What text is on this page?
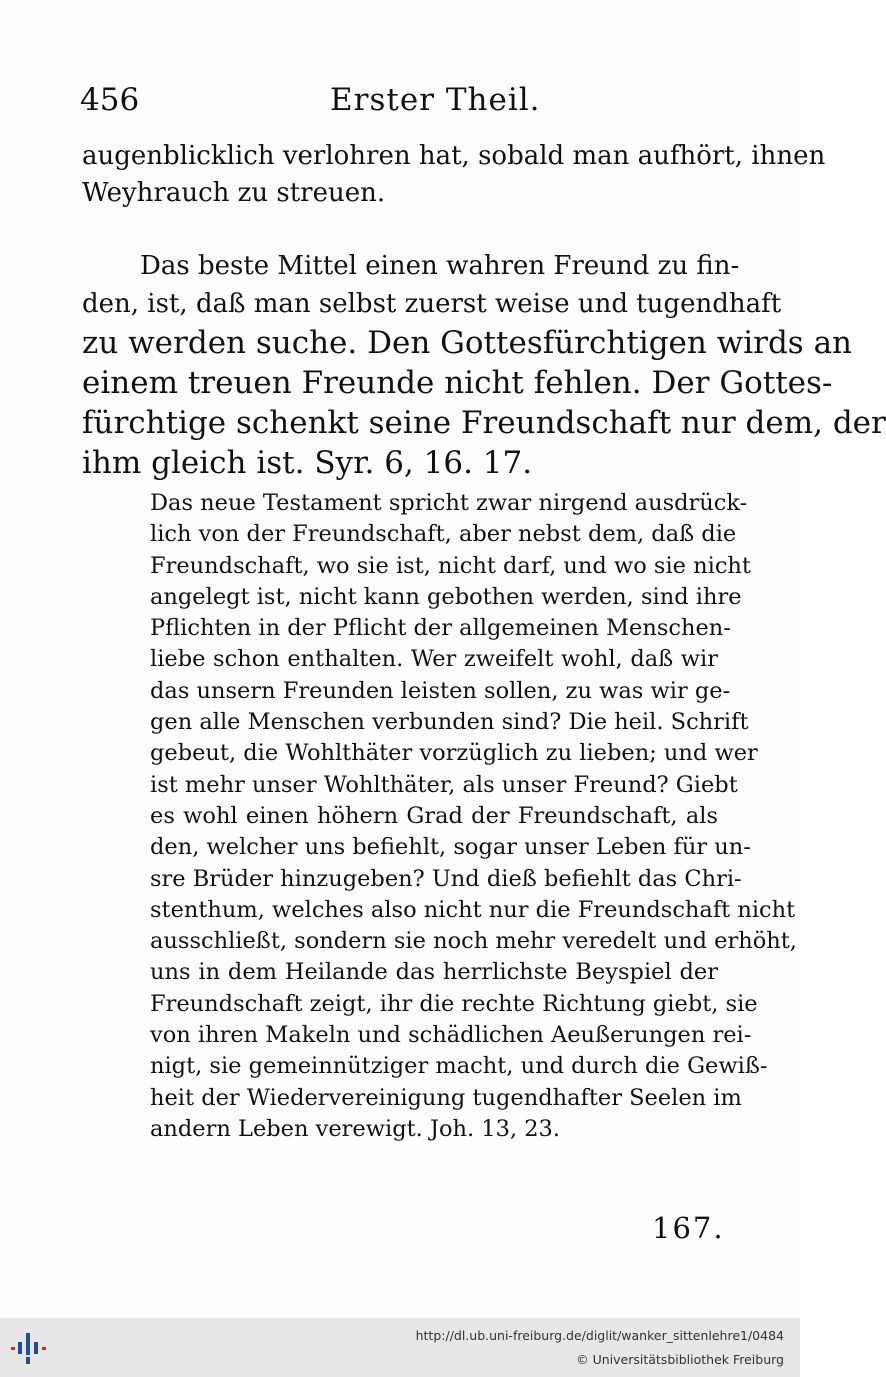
456	Erster Theil.
augenblicklich verlohren hat, sobald man aufhört, ihnen
Weyhrauch zu streuen.
Das beste Mittel einen wahren Freund zu fin-
den, ist, daß man selbst zuerst weise und tugendhaft
zu werden suche. Den Gottesfürchtigen wirds an
einem treuen Freunde nicht fehlen. Der Gottes-
fürchtige schenkt seine Freundschaft nur dem, der
ihm gleich ist. Syr. 6, 16. 17.
Das neue Testament spricht zwar nirgend ausdrück-
lich von der Freundschaft, aber nebst dem, daß die
Freundschaft, wo sie ist, nicht darf, und wo sie nicht
angelegt ist, nicht kann gebothen werden, sind ihre
Pflichten in der Pflicht der allgemeinen Menschen-
liebe schon enthalten. Wer zweifelt wohl, daß wir
das unsern Freunden leisten sollen, zu was wir ge-
gen alle Menschen verbunden sind? Die heil. Schrift
gebeut, die Wohlthäter vorzüglich zu lieben; und wer
ist mehr unser Wohlthäter, als unser Freund? Giebt
es wohl einen höhern Grad der Freundschaft, als
den, welcher uns befiehlt, sogar unser Leben für un-
sre Brüder hinzugeben? Und dieß befiehlt das Chri-
stenthum, welches also nicht nur die Freundschaft nicht
ausschließt, sondern sie noch mehr veredelt und erhöht,
uns in dem Heilande das herrlichste Beyspiel der
Freundschaft zeigt, ihr die rechte Richtung giebt, sie
von ihren Makeln und schädlichen Aeußerungen rei-
nigt, sie gemeinnütziger macht, und durch die Gewiß-
heit der Wiedervereinigung tugendhafter Seelen im
andern Leben verewigt. Joh. 13, 23.
167.
http://dl.ub.uni-freiburg.de/diglit/wanker_sittenlehre1/0484
© Universitätsbibliothek Freiburg
